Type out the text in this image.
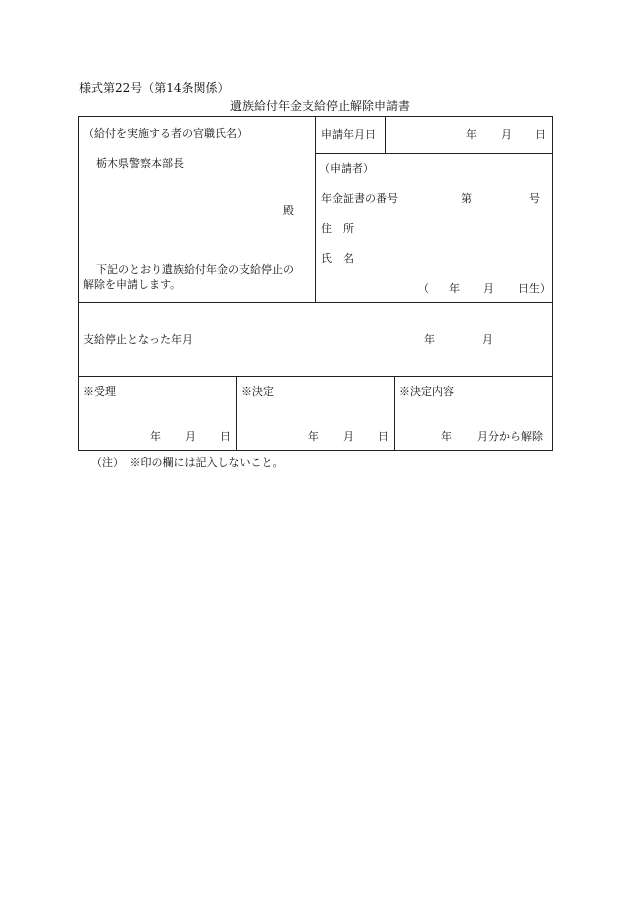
様式第22号（第14条関係）
遺族給付年金支給停止解除申請書
（給付を実施する者の官職氏名）
栃木県警察本部長
殿
下記のとおり遺族給付年金の支給停止の
解除を申請します。
申請年月日	年 月 日
（申請者）
年金証書の番号	第	号
住　所
氏　名
（ 年 月 日生）
支給停止となった年月	年	月
※受理
年 月 日
※決定
年 月 日
※決定内容
年 月分から解除
（注）　※印の欄には記入しないこと。
